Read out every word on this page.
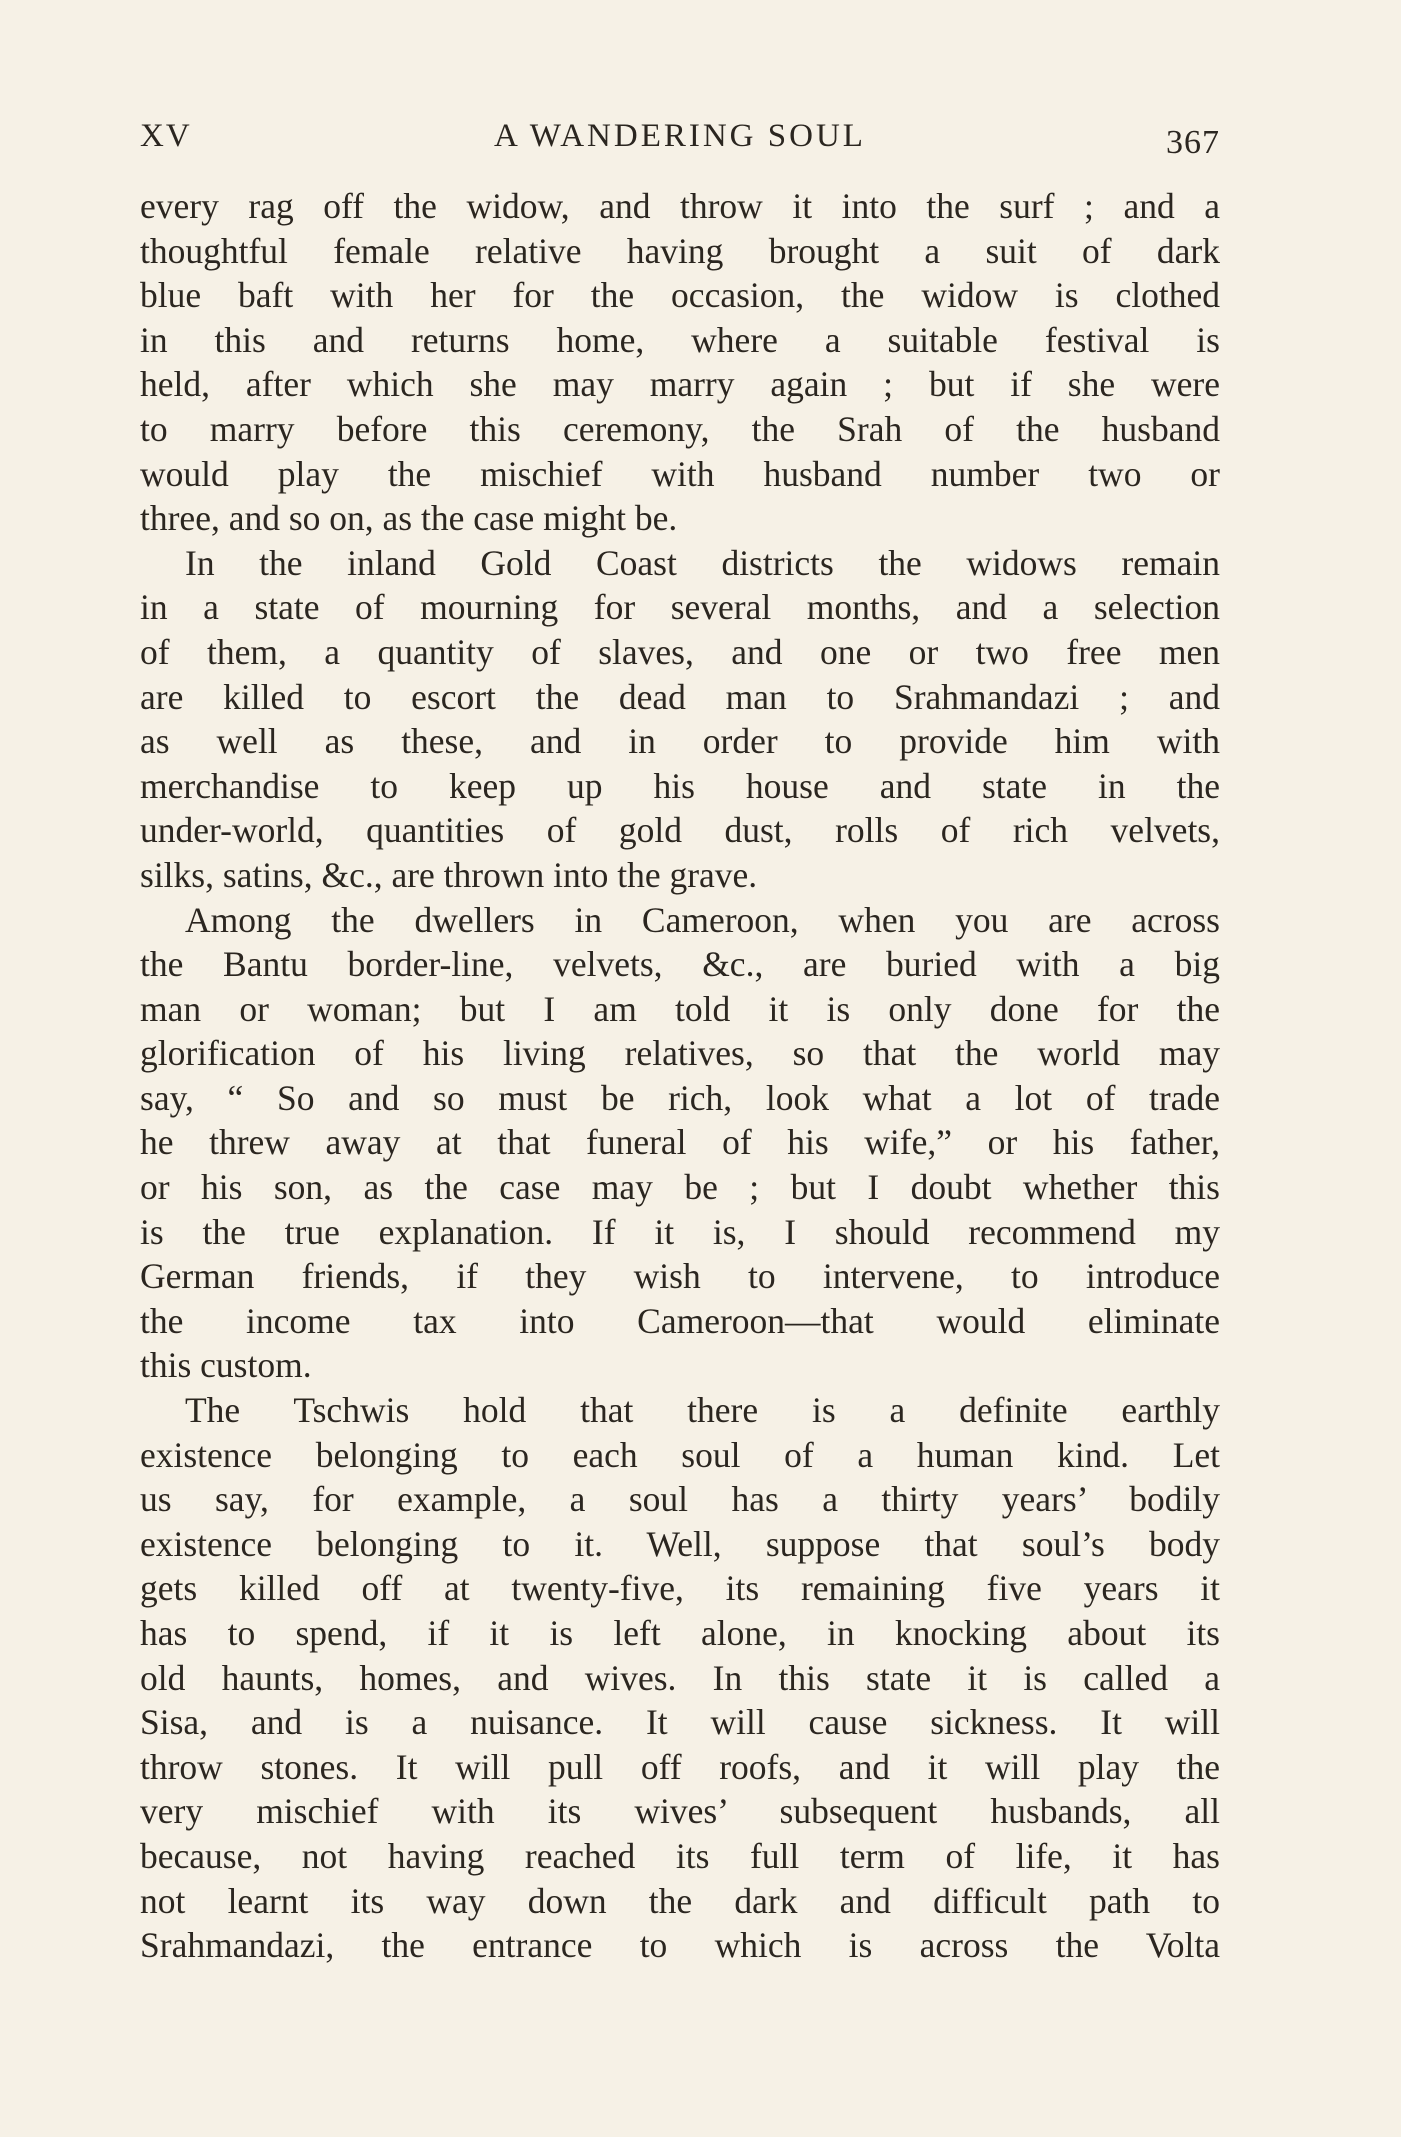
XV	A WANDERING SOUL	367
every rag off the widow, and throw it into the surf ; and a
thoughtful female relative having brought a suit of dark
blue baft with her for the occasion, the widow is clothed
in this and returns home, where a suitable festival is
held, after which she may marry again ; but if she were
to marry before this ceremony, the Srah of the husband
would play the mischief with husband number two or
three, and so on, as the case might be.
In the inland Gold Coast districts the widows remain
in a state of mourning for several months, and a selection
of them, a quantity of slaves, and one or two free men
are killed to escort the dead man to Srahmandazi ; and
as well as these, and in order to provide him with
merchandise to keep up his house and state in the
under-world, quantities of gold dust, rolls of rich velvets,
silks, satins, &c., are thrown into the grave.
Among the dwellers in Cameroon, when you are across
the Bantu border-line, velvets, &c., are buried with a big
man or woman; but I am told it is only done for the
glorification of his living relatives, so that the world may
say, “ So and so must be rich, look what a lot of trade
he threw away at that funeral of his wife,” or his father,
or his son, as the case may be ; but I doubt whether this
is the true explanation. If it is, I should recommend my
German friends, if they wish to intervene, to introduce
the income tax into Cameroon—that would eliminate
this custom.
The Tschwis hold that there is a definite earthly
existence belonging to each soul of a human kind. Let
us say, for example, a soul has a thirty years’ bodily
existence belonging to it. Well, suppose that soul’s body
gets killed off at twenty-five, its remaining five years it
has to spend, if it is left alone, in knocking about its
old haunts, homes, and wives. In this state it is called a
Sisa, and is a nuisance. It will cause sickness. It will
throw stones. It will pull off roofs, and it will play the
very mischief with its wives’ subsequent husbands, all
because, not having reached its full term of life, it has
not learnt its way down the dark and difficult path to
Srahmandazi, the entrance to which is across the Volta
